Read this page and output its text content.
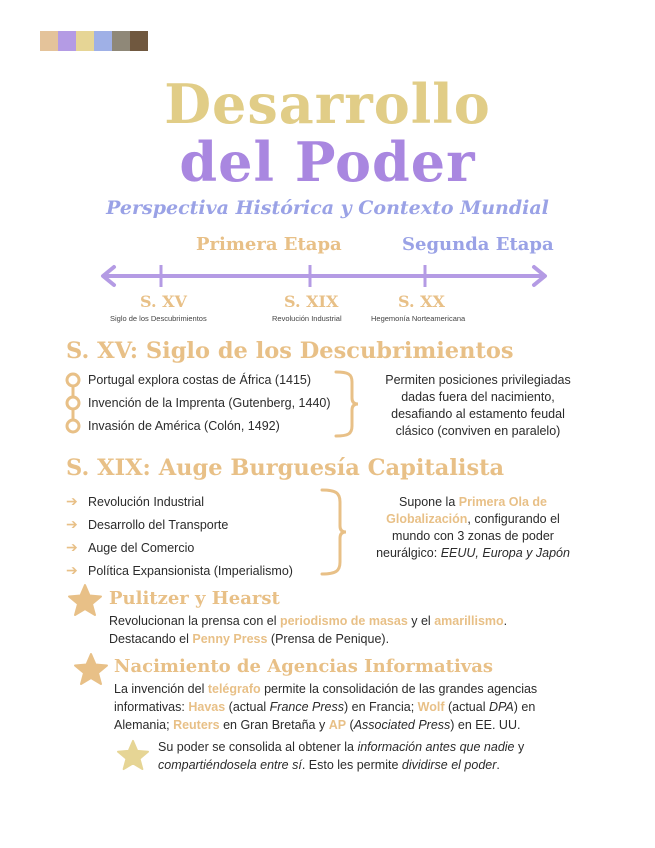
Desarrollo
del Poder
Perspectiva Histórica y Contexto Mundial
Primera Etapa	Segunda Etapa
S. XV
Siglo de los Descubrimientos
S. XIX
Revolución Industrial
S. XX
Hegemonía Norteamericana
S. XV: Siglo de los Descubrimientos
Portugal explora costas de África (1415)
Invención de la Imprenta (Gutenberg, 1440)
Invasión de América (Colón, 1492)
Permiten posiciones privilegiadas
dadas fuera del nacimiento,
desafiando al estamento feudal
clásico (conviven en paralelo)
S. XIX: Auge Burguesía Capitalista
➔ Revolución Industrial
➔ Desarrollo del Transporte
➔ Auge del Comercio
➔ Política Expansionista (Imperialismo)
Supone la Primera Ola de
Globalización, configurando el
mundo con 3 zonas de poder
neurálgico: EEUU, Europa y Japón
Pulitzer y Hearst
Revolucionan la prensa con el periodismo de masas y el amarillismo.
Destacando el Penny Press (Prensa de Penique).
Nacimiento de Agencias Informativas
La invención del telégrafo permite la consolidación de las grandes agencias
informativas: Havas (actual France Press) en Francia; Wolf (actual DPA) en
Alemania; Reuters en Gran Bretaña y AP (Associated Press) en EE. UU.
Su poder se consolida al obtener la información antes que nadie y
compartiéndosela entre sí. Esto les permite dividirse el poder.
